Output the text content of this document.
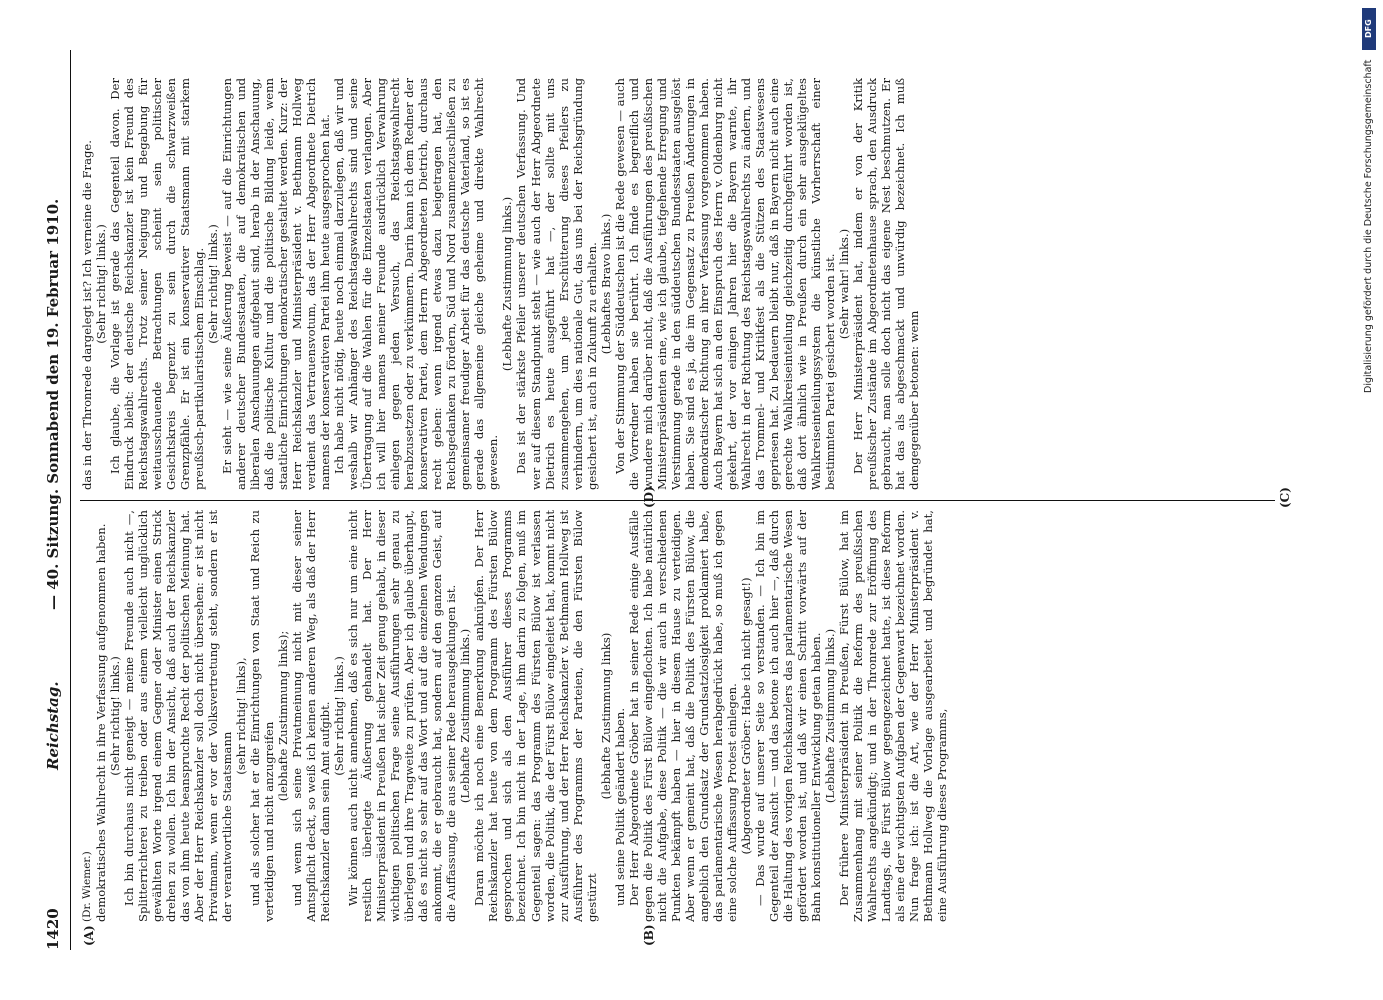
1420
Reichstag.
— 40. Sitzung. Sonnabend den 19. Februar 1910.
(A)	(B)
(C)
(D)

(Dr. Wiemer.) demokratisches Wahlrecht in ihre Verfassung aufgenommen haben. (Sehr richtig! links.) Ich bin durchaus nicht geneigt — meine Freunde auch nicht —, Splitterrichterei zu treiben oder aus einem vielleicht unglücklich gewählten Worte irgend einem Gegner oder Minister einen Strick drehen zu wollen. Ich bin der Ansicht, daß auch der Reichskanzler das von ihm heute beanspruchte Recht der politischen Meinung hat. Aber der Herr Reichskanzler soll doch nicht übersehen: er ist nicht Privatmann, wenn er vor der Volksvertretung steht, sondern er ist der verantwortliche Staatsmann

(sehr richtig! links), und als solcher hat er die Einrichtungen von Staat und Reich zu verteidigen und nicht anzugreifen

(lebhafte Zustimmung links); und wenn sich seine Privatmeinung nicht mit dieser seiner Amtspflicht deckt, so weiß ich keinen anderen Weg, als daß der Herr Reichskanzler dann sein Amt aufgibt. (Sehr richtig! links.) Wir können auch nicht annehmen, daß es sich nur um eine nicht restlich überlegte Äußerung gehandelt hat. Der Herr Ministerpräsident in Preußen hat sicher Zeit genug gehabt, in dieser wichtigen politischen Frage seine Ausführungen sehr genau zu überlegen und ihre Tragweite zu prüfen. Aber ich glaube überhaupt, daß es nicht so sehr auf das Wort und auf die einzelnen Wendungen ankommt, die er gebraucht hat, sondern auf den ganzen Geist, auf die Auffassung, die aus seiner Rede herausgeklungen ist. (Lebhafte Zustimmung links.) Daran möchte ich noch eine Bemerkung anknüpfen. Der Herr Reichskanzler hat heute von dem Programm des Fürsten Bülow gesprochen und sich als den Ausführer dieses Programms bezeichnet. Ich bin nicht in der Lage, ihm darin zu folgen, muß im Gegenteil sagen: das Programm des Fürsten Bülow ist verlassen worden, die Politik, die der Fürst Bülow eingeleitet hat, kommt nicht zur Ausführung, und der Herr Reichskanzler v. Bethmann Hollweg ist Ausführer des Programms der Parteien, die den Fürsten Bülow gestürzt

(lebhafte Zustimmung links) und seine Politik geändert haben. Der Herr Abgeordnete Gröber hat in seiner Rede einige Ausfälle gegen die Politik des Fürst Bülow eingeflochten. Ich habe natürlich nicht die Aufgabe, diese Politik — die wir auch in verschiedenen Punkten bekämpft haben — hier in diesem Hause zu verteidigen. Aber wenn er gemeint hat, daß die Politik des Fürsten Bülow, die angeblich den Grundsatz der Grundsatzlosigkeit proklamiert habe, das parlamentarische Wesen herabgedrückt habe, so muß ich gegen eine solche Auffassung Protest einlegen. (Abgeordneter Gröber: Habe ich nicht gesagt!) — Das wurde auf unserer Seite so verstanden. — Ich bin im Gegenteil der Ansicht — und das betone ich auch hier —, daß durch die Haltung des vorigen Reichskanzlers das parlamentarische Wesen gefördert worden ist, und daß wir einen Schritt vorwärts auf der Bahn konstitutioneller Entwicklung getan haben. (Lebhafte Zustimmung links.) Der frühere Ministerpräsident in Preußen, Fürst Bülow, hat im Zusammenhang mit seiner Politik die Reform des preußischen Wahlrechts angekündigt; und in der Thronrede zur Eröffnung des Landtags, die Fürst Bülow gegengezeichnet hatte, ist diese Reform als eine der wichtigsten Aufgaben der Gegenwart bezeichnet worden. Nun frage ich: ist die Art, wie der Herr Ministerpräsident v. Bethmann Hollweg die Vorlage ausgearbeitet und begründet hat, eine Ausführung dieses Programms,

das in der Thronrede dargelegt ist? Ich verneine die Frage. (Sehr richtig! links.) Ich glaube, die Vorlage ist gerade das Gegenteil davon. Der Eindruck bleibt: der deutsche Reichskanzler ist kein Freund des Reichstagswahlrechts. Trotz seiner Neigung und Begabung für weitausschauende Betrachtungen scheint sein politischer Gesichtskreis begrenzt zu sein durch die schwarzweißen Grenzpfähle. Er ist ein konservativer Staatsmann mit starkem preußisch-partikularistischem Einschlag. (Sehr richtig! links.) Er sieht — wie seine Äußerung beweist — auf die Einrichtungen anderer deutscher Bundesstaaten, die auf demokratischen und liberalen Anschauungen aufgebaut sind, herab in der Anschauung, daß die politische Kultur und die politische Bildung leide, wenn staatliche Einrichtungen demokratischer gestaltet werden. Kurz: der Herr Reichskanzler und Ministerpräsident v. Bethmann Hollweg verdient das Vertrauensvotum, das der Herr Abgeordnete Dietrich namens der konservativen Partei ihm heute ausgesprochen hat. Ich habe nicht nötig, heute noch einmal darzulegen, daß wir und weshalb wir Anhänger des Reichstagswahlrechts sind und seine Übertragung auf die Wahlen für die Einzelstaaten verlangen. Aber ich will hier namens meiner Freunde ausdrücklich Verwahrung einlegen gegen jeden Versuch, das Reichstagswahlrecht herabzusetzen oder zu verkümmern. Darin kann ich dem Redner der konservativen Partei, dem Herrn Abgeordneten Dietrich, durchaus recht geben: wenn irgend etwas dazu beigetragen hat, den Reichsgedanken zu fördern, Süd und Nord zusammenzuschließen zu gemeinsamer freudiger Arbeit für das deutsche Vaterland, so ist es gerade das allgemeine gleiche geheime und direkte Wahlrecht gewesen.

(Lebhafte Zustimmung links.) Das ist der stärkste Pfeiler unserer deutschen Verfassung. Und wer auf diesem Standpunkt steht — wie auch der Herr Abgeordnete Dietrich es heute ausgeführt hat —, der sollte mit uns zusammengehen, um jede Erschütterung dieses Pfeilers zu verhindern, um dies nationale Gut, das uns bei der Reichsgründung gesichert ist, auch in Zukunft zu erhalten. (Lebhaftes Bravo links.) Von der Stimmung der Süddeutschen ist die Rede gewesen — auch die Vorredner haben sie berührt. Ich finde es begreiflich und wundere mich darüber nicht, daß die Ausführungen des preußischen Ministerpräsidenten eine, wie ich glaube, tiefgehende Erregung und Verstimmung gerade in den süddeutschen Bundesstaaten ausgelöst haben. Sie sind es ja, die im Gegensatz zu Preußen Änderungen in demokratischer Richtung an ihrer Verfassung vorgenommen haben. Auch Bayern hat sich an den Einspruch des Herrn v. Oldenburg nicht gekehrt, der vor einigen Jahren hier die Bayern warnte, ihr Wahlrecht in der Richtung des Reichstagswahlrechts zu ändern, und das Trommel- und Kritikfest als die Stützen des Staatswesens gepriesen hat. Zu bedauern bleibt nur, daß in Bayern nicht auch eine gerechte Wahlkreiseinteilung gleichzeitig durchgeführt worden ist, daß dort ähnlich wie in Preußen durch ein sehr ausgeklügeltes Wahlkreiseinteilungssystem die künstliche Vorherrschaft einer bestimmten Partei gesichert worden ist. (Sehr wahr! links.) Der Herr Ministerpräsident hat, indem er von der Kritik preußischer Zustände im Abgeordnetenhause sprach, den Ausdruck gebraucht, man solle doch nicht das eigene Nest beschmutzen. Er hat das als abgeschmackt und unwürdig bezeichnet. Ich muß demgegenüber betonen: wenn

DFG
Digitalisierung gefördert durch die Deutsche Forschungsgemeinschaft
